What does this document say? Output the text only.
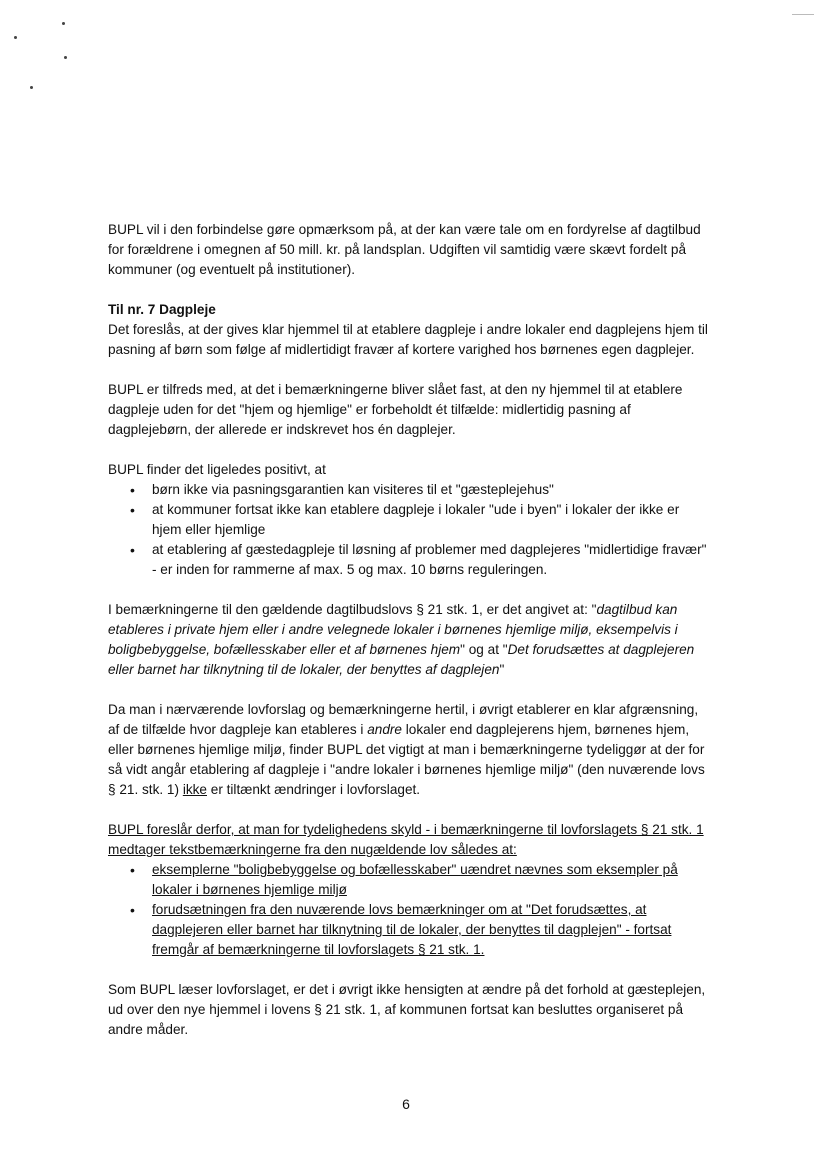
BUPL vil i den forbindelse gøre opmærksom på, at der kan være tale om en fordyrelse af dagtilbud for forældrene i omegnen af 50 mill. kr. på landsplan. Udgiften vil samtidig være skævt fordelt på kommuner (og eventuelt på institutioner).

Til nr. 7 Dagpleje
Det foreslås, at der gives klar hjemmel til at etablere dagpleje i andre lokaler end dagplejens hjem til pasning af børn som følge af midlertidigt fravær af kortere varighed hos børnenes egen dagplejer.

BUPL er tilfreds med, at det i bemærkningerne bliver slået fast, at den ny hjemmel til at etablere dagpleje uden for det "hjem og hjemlige" er forbeholdt ét tilfælde: midlertidig pasning af dagplejebørn, der allerede er indskrevet hos én dagplejer.

BUPL finder det ligeledes positivt, at
• børn ikke via pasningsgarantien kan visiteres til et "gæsteplejehus"
• at kommuner fortsat ikke kan etablere dagpleje i lokaler "ude i byen" i lokaler der ikke er hjem eller hjemlige
• at etablering af gæstedagpleje til løsning af problemer med dagplejeres "midlertidige fravær" - er inden for rammerne af max. 5 og max. 10 børns reguleringen.

I bemærkningerne til den gældende dagtilbudslovs § 21 stk. 1, er det angivet at: "dagtilbud kan etableres i private hjem eller i andre velegnede lokaler i børnenes hjemlige miljø, eksempelvis i boligbebyggelse, bofællesskaber eller et af børnenes hjem" og at "Det forudsættes at dagplejeren eller barnet har tilknytning til de lokaler, der benyttes af dagplejen"

Da man i nærværende lovforslag og bemærkningerne hertil, i øvrigt etablerer en klar afgrænsning, af de tilfælde hvor dagpleje kan etableres i andre lokaler end dagplejerens hjem, børnenes hjem, eller børnenes hjemlige miljø, finder BUPL det vigtigt at man i bemærkningerne tydeliggør at der for så vidt angår etablering af dagpleje i "andre lokaler i børnenes hjemlige miljø" (den nuværende lovs § 21. stk. 1) ikke er tiltænkt ændringer i lovforslaget.

BUPL foreslår derfor, at man for tydelighedens skyld - i bemærkningerne til lovforslagets § 21 stk. 1 medtager tekstbemærkningerne fra den nugældende lov således at:
• eksemplerne "boligbebyggelse og bofællesskaber" uændret nævnes som eksempler på lokaler i børnenes hjemlige miljø
• forudsætningen fra den nuværende lovs bemærkninger om at "Det forudsættes, at dagplejeren eller barnet har tilknytning til de lokaler, der benyttes til dagplejen" - fortsat fremgår af bemærkningerne til lovforslagets § 21 stk. 1.

Som BUPL læser lovforslaget, er det i øvrigt ikke hensigten at ændre på det forhold at gæsteplejen, ud over den nye hjemmel i lovens § 21 stk. 1, af kommunen fortsat kan besluttes organiseret på andre måder.

6
